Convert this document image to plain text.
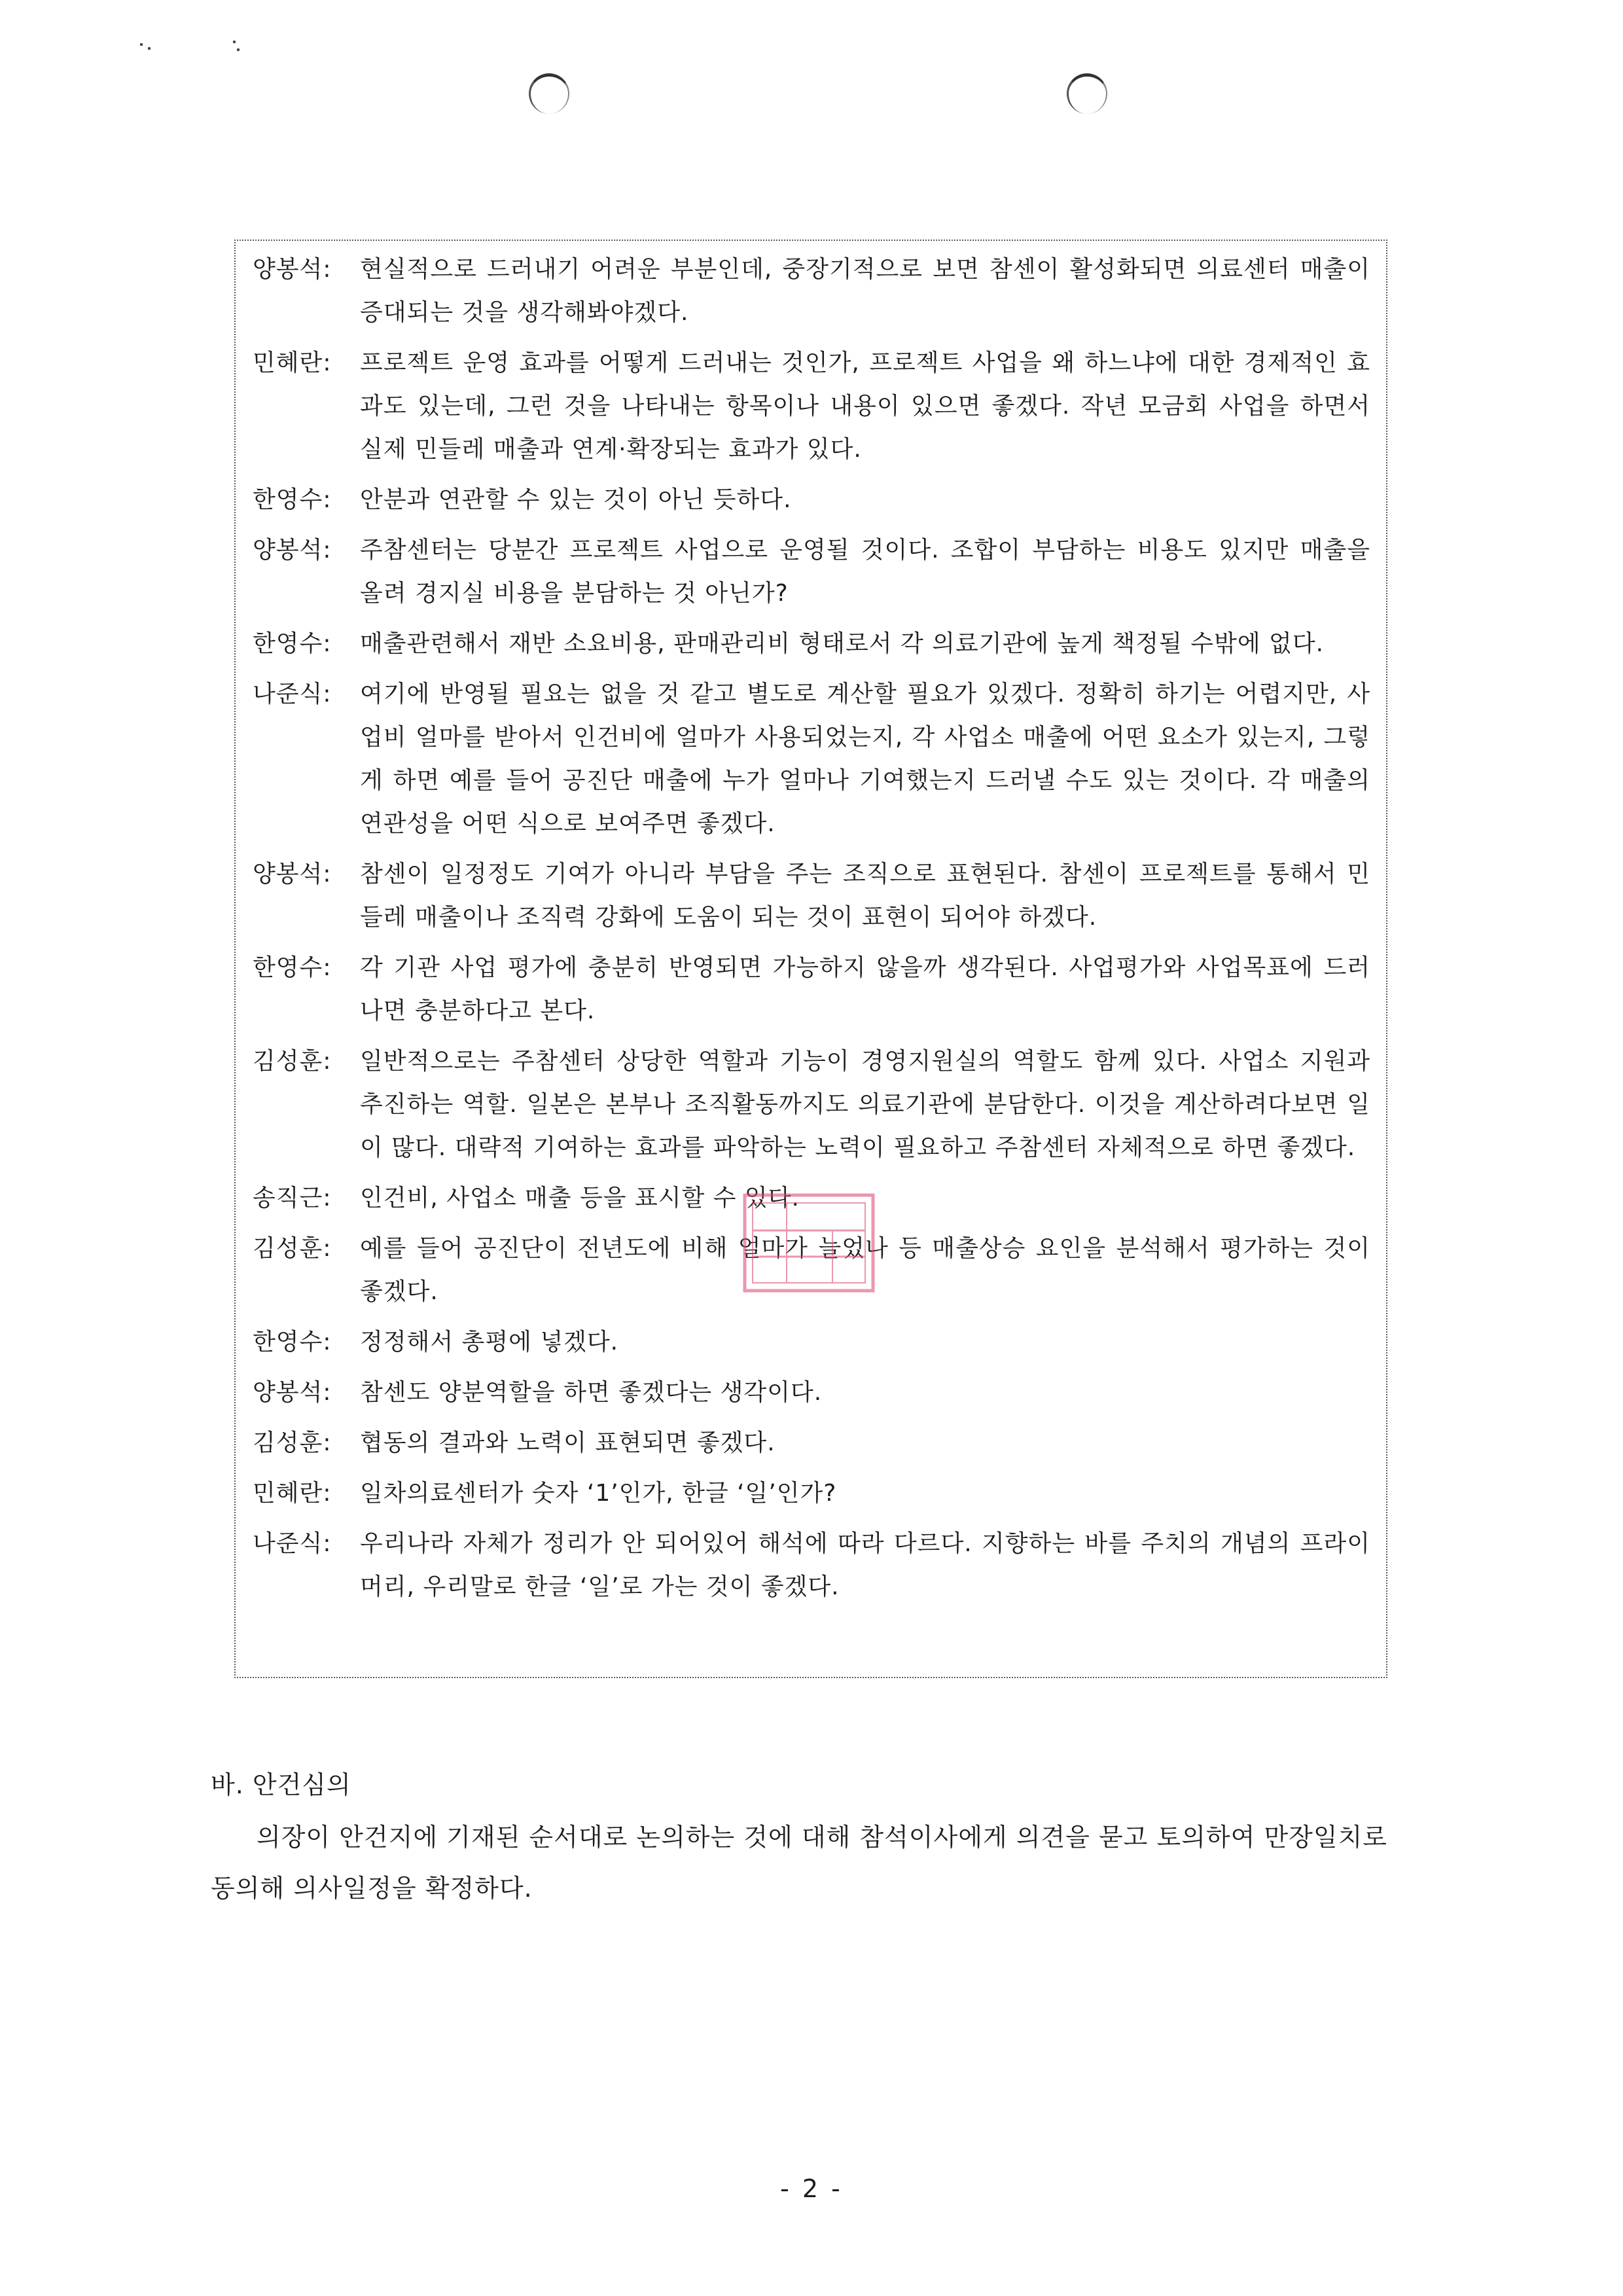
양봉석:	현실적으로 드러내기 어려운 부분인데, 중장기적으로 보면 참센이 활성화되면 의료센터 매출이 증대되는 것을 생각해봐야겠다.
민혜란:	프로젝트 운영 효과를 어떻게 드러내는 것인가, 프로젝트 사업을 왜 하느냐에 대한 경제적인 효과도 있는데, 그런 것을 나타내는 항목이나 내용이 있으면 좋겠다. 작년 모금회 사업을 하면서 실제 민들레 매출과 연계·확장되는 효과가 있다.
한영수:	안분과 연관할 수 있는 것이 아닌 듯하다.
양봉석:	주참센터는 당분간 프로젝트 사업으로 운영될 것이다. 조합이 부담하는 비용도 있지만 매출을 올려 경지실 비용을 분담하는 것 아닌가?
한영수:	매출관련해서 재반 소요비용, 판매관리비 형태로서 각 의료기관에 높게 책정될 수밖에 없다.
나준식:	여기에 반영될 필요는 없을 것 같고 별도로 계산할 필요가 있겠다. 정확히 하기는 어렵지만, 사업비 얼마를 받아서 인건비에 얼마가 사용되었는지, 각 사업소 매출에 어떤 요소가 있는지, 그렇게 하면 예를 들어 공진단 매출에 누가 얼마나 기여했는지 드러낼 수도 있는 것이다. 각 매출의 연관성을 어떤 식으로 보여주면 좋겠다.
양봉석:	참센이 일정정도 기여가 아니라 부담을 주는 조직으로 표현된다. 참센이 프로젝트를 통해서 민들레 매출이나 조직력 강화에 도움이 되는 것이 표현이 되어야 하겠다.
한영수:	각 기관 사업 평가에 충분히 반영되면 가능하지 않을까 생각된다. 사업평가와 사업목표에 드러나면 충분하다고 본다.
김성훈:	일반적으로는 주참센터 상당한 역할과 기능이 경영지원실의 역할도 함께 있다. 사업소 지원과 추진하는 역할. 일본은 본부나 조직활동까지도 의료기관에 분담한다. 이것을 계산하려다보면 일이 많다. 대략적 기여하는 효과를 파악하는 노력이 필요하고 주참센터 자체적으로 하면 좋겠다.
송직근:	인건비, 사업소 매출 등을 표시할 수 있다.
김성훈:	예를 들어 공진단이 전년도에 비해 얼마가 늘었나 등 매출상승 요인을 분석해서 평가하는 것이 좋겠다.
한영수:	정정해서 총평에 넣겠다.
양봉석:	참센도 양분역할을 하면 좋겠다는 생각이다.
김성훈:	협동의 결과와 노력이 표현되면 좋겠다.
민혜란:	일차의료센터가 숫자 ‘1’인가, 한글 ‘일’인가?
나준식:	우리나라 자체가 정리가 안 되어있어 해석에 따라 다르다. 지향하는 바를 주치의 개념의 프라이머리, 우리말로 한글 ‘일’로 가는 것이 좋겠다.
바. 안건심의
의장이 안건지에 기재된 순서대로 논의하는 것에 대해 참석이사에게 의견을 묻고 토의하여 만장일치로 동의해 의사일정을 확정하다.
- 2 -
